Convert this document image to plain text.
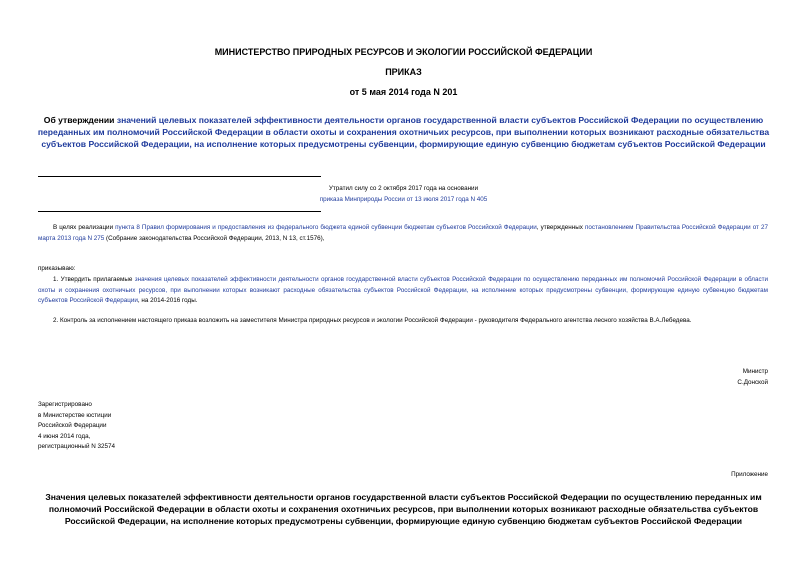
МИНИСТЕРСТВО ПРИРОДНЫХ РЕСУРСОВ И ЭКОЛОГИИ РОССИЙСКОЙ ФЕДЕРАЦИИ
ПРИКАЗ
от 5 мая 2014 года N 201
Об утверждении значений целевых показателей эффективности деятельности органов государственной власти субъектов Российской Федерации по осуществлению переданных им полномочий Российской Федерации в области охоты и сохранения охотничьих ресурсов, при выполнении которых возникают расходные обязательства субъектов Российской Федерации, на исполнение которых предусмотрены субвенции, формирующие единую субвенцию бюджетам субъектов Российской Федерации
Утратил силу со 2 октября 2017 года на основании
приказа Минприроды России от 13 июля 2017 года N 405
В целях реализации пункта 8 Правил формирования и предоставления из федерального бюджета единой субвенции бюджетам субъектов Российской Федерации, утвержденных постановлением Правительства Российской Федерации от 27 марта 2013 года N 275 (Собрание законодательства Российской Федерации, 2013, N 13, ст.1576),
приказываю:
1. Утвердить прилагаемые значения целевых показателей эффективности деятельности органов государственной власти субъектов Российской Федерации по осуществлению переданных им полномочий Российской Федерации в области охоты и сохранения охотничьих ресурсов, при выполнении которых возникают расходные обязательства субъектов Российской Федерации, на исполнение которых предусмотрены субвенции, формирующие единую субвенцию бюджетам субъектов Российской Федерации, на 2014-2016 годы.
2. Контроль за исполнением настоящего приказа возложить на заместителя Министра природных ресурсов и экологии Российской Федерации - руководителя Федерального агентства лесного хозяйства В.А.Лебедева.
Министр
С.Донской
Зарегистрировано
в Министерстве юстиции
Российской Федерации
4 июня 2014 года,
регистрационный N 32574
Приложение
Значения целевых показателей эффективности деятельности органов государственной власти субъектов Российской Федерации по осуществлению переданных им полномочий Российской Федерации в области охоты и сохранения охотничьих ресурсов, при выполнении которых возникают расходные обязательства субъектов Российской Федерации, на исполнение которых предусмотрены субвенции, формирующие единую субвенцию бюджетам субъектов Российской Федерации
